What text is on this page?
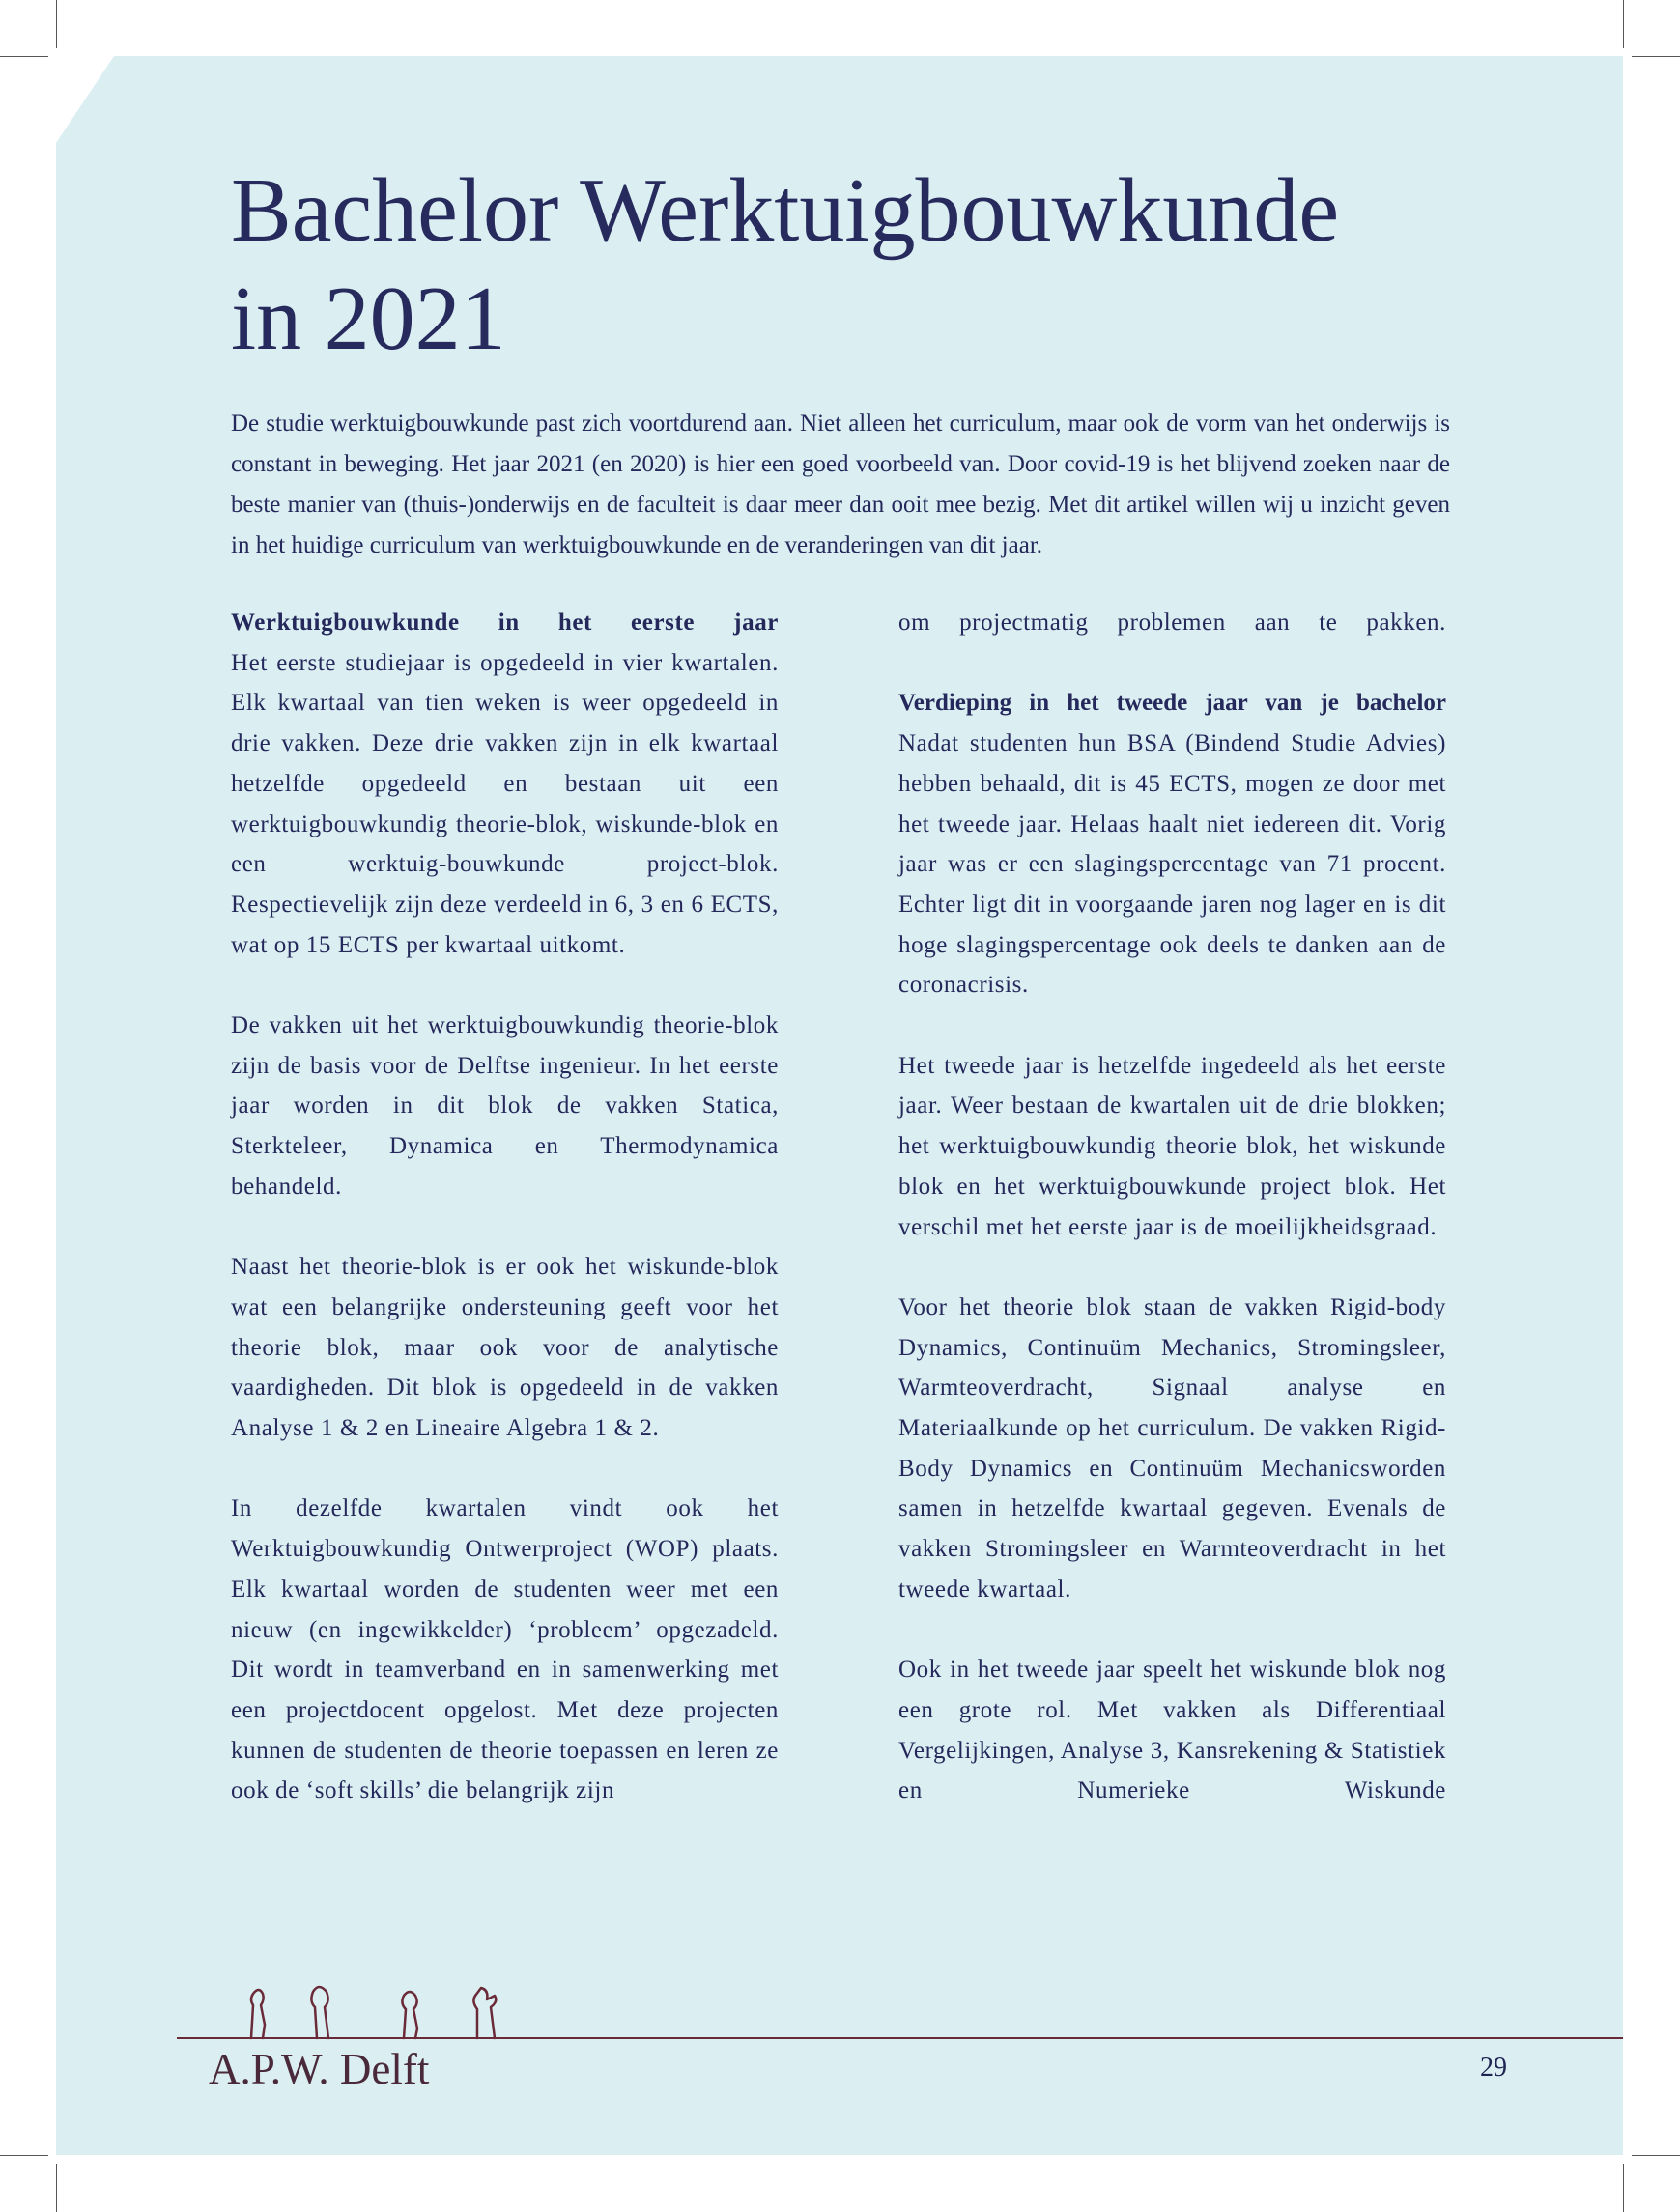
Bachelor Werktuigbouwkunde
in 2021

De studie werktuigbouwkunde past zich voortdurend aan. Niet alleen het curriculum, maar ook de vorm van het onderwijs is constant in beweging. Het jaar 2021 (en 2020) is hier een goed voorbeeld van. Door covid-19 is het blijvend zoeken naar de beste manier van (thuis-)onderwijs en de faculteit is daar meer dan ooit mee bezig. Met dit artikel willen wij u inzicht geven in het huidige curriculum van werktuigbouwkunde en de veranderingen van dit jaar.

Werktuigbouwkunde in het eerste jaar

Het eerste studiejaar is opgedeeld in vier kwartalen. Elk kwartaal van tien weken is weer opgedeeld in drie vakken. Deze drie vakken zijn in elk kwartaal hetzelfde opgedeeld en bestaan uit een werktuigbouwkundig theorie-blok, wiskunde-blok en een werktuig-bouwkunde project-blok. Respectievelijk zijn deze verdeeld in 6, 3 en 6 ECTS, wat op 15 ECTS per kwartaal uitkomt.

De vakken uit het werktuigbouwkundig theorie-blok zijn de basis voor de Delftse ingenieur. In het eerste jaar worden in dit blok de vakken Statica, Sterkteleer, Dynamica en Thermodynamica behandeld.

Naast het theorie-blok is er ook het wiskunde-blok wat een belangrijke ondersteuning geeft voor het theorie blok, maar ook voor de analytische vaardigheden. Dit blok is opgedeeld in de vakken Analyse 1 & 2 en Lineaire Algebra 1 & 2.

In dezelfde kwartalen vindt ook het Werktuigbouwkundig Ontwerproject (WOP) plaats. Elk kwartaal worden de studenten weer met een nieuw (en ingewikkelder) ‘probleem’ opgezadeld. Dit wordt in teamverband en in samenwerking met een projectdocent opgelost. Met deze projecten kunnen de studenten de theorie toepassen en leren ze ook de ‘soft skills’ die belangrijk zijn

om projectmatig problemen aan te pakken.

Verdieping in het tweede jaar van je bachelor

Nadat studenten hun BSA (Bindend Studie Advies) hebben behaald, dit is 45 ECTS, mogen ze door met het tweede jaar. Helaas haalt niet iedereen dit. Vorig jaar was er een slagingspercentage van 71 procent. Echter ligt dit in voorgaande jaren nog lager en is dit hoge slagingspercentage ook deels te danken aan de coronacrisis.

Het tweede jaar is hetzelfde ingedeeld als het eerste jaar. Weer bestaan de kwartalen uit de drie blokken; het werktuigbouwkundig theorie blok, het wiskunde blok en het werktuigbouwkunde project blok. Het verschil met het eerste jaar is de moeilijkheidsgraad.

Voor het theorie blok staan de vakken Rigid-body Dynamics, Continuüm Mechanics, Stromingsleer, Warmteoverdracht, Signaal analyse en Materiaalkunde op het curriculum. De vakken Rigid-Body Dynamics en Continuüm Mechanicsworden samen in hetzelfde kwartaal gegeven. Evenals de vakken Stromingsleer en Warmteoverdracht in het tweede kwartaal.

Ook in het tweede jaar speelt het wiskunde blok nog een grote rol. Met vakken als Differentiaal Vergelijkingen, Analyse 3, Kansrekening & Statistiek en Numerieke Wiskunde

A.P.W. Delft	29
